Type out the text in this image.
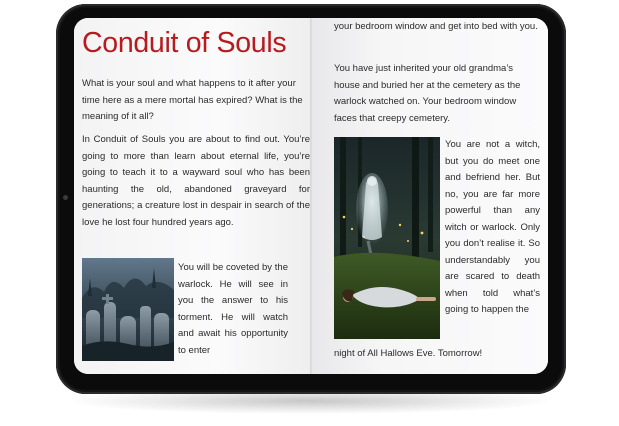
Conduit of Souls

What is your soul and what happens to it after your time here as a mere mortal has expired? What is the meaning of it all?

In Conduit of Souls you are about to find out. You’re going to more than learn about eternal life, you’re going to teach it to a wayward soul who has been haunting the old, abandoned graveyard for generations; a creature lost in despair in search of the love he lost four hundred years ago.

You will be coveted by the warlock. He will see in you the answer to his torment. He will watch and await his opportunity to enter

your bedroom window and get into bed with you.

You have just inherited your old grandma’s house and buried her at the cemetery as the warlock watched on. Your bedroom window faces that creepy cemetery.

You are not a witch, but you do meet one and befriend her. But no, you are far more powerful than any witch or warlock. Only you don’t realise it. So understandably you are scared to death when told what’s going to happen the

night of All Hallows Eve. Tomorrow!
